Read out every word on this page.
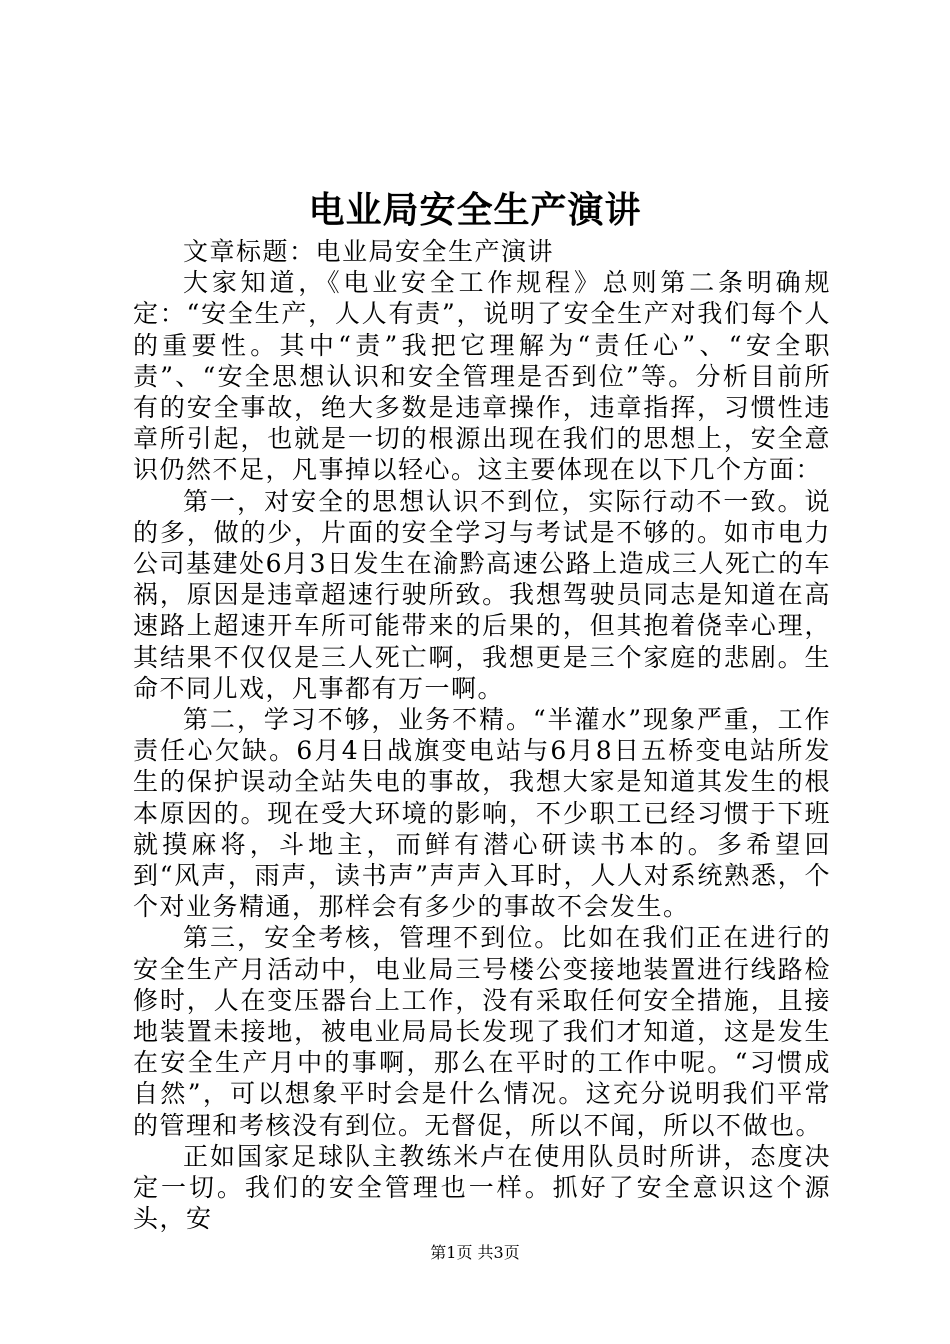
电业局安全生产演讲

文章标题：电业局安全生产演讲

大家知道，《电业安全工作规程》总则第二条明确规定：“安全生产，人人有责”，说明了安全生产对我们每个人的重要性。其中“责”我把它理解为“责任心”、“安全职责”、“安全思想认识和安全管理是否到位”等。分析目前所有的安全事故，绝大多数是违章操作，违章指挥，习惯性违章所引起，也就是一切的根源出现在我们的思想上，安全意识仍然不足，凡事掉以轻心。这主要体现在以下几个方面：

第一，对安全的思想认识不到位，实际行动不一致。说的多，做的少，片面的安全学习与考试是不够的。如市电力公司基建处6月3日发生在渝黔高速公路上造成三人死亡的车祸，原因是违章超速行驶所致。我想驾驶员同志是知道在高速路上超速开车所可能带来的后果的，但其抱着侥幸心理，其结果不仅仅是三人死亡啊，我想更是三个家庭的悲剧。生命不同儿戏，凡事都有万一啊。

第二，学习不够，业务不精。“半灌水”现象严重，工作责任心欠缺。6月4日战旗变电站与6月8日五桥变电站所发生的保护误动全站失电的事故，我想大家是知道其发生的根本原因的。现在受大环境的影响，不少职工已经习惯于下班就摸麻将，斗地主，而鲜有潜心研读书本的。多希望回到“风声，雨声，读书声”声声入耳时，人人对系统熟悉，个个对业务精通，那样会有多少的事故不会发生。

第三，安全考核，管理不到位。比如在我们正在进行的安全生产月活动中，电业局三号楼公变接地装置进行线路检修时，人在变压器台上工作，没有采取任何安全措施，且接地装置未接地，被电业局局长发现了我们才知道，这是发生在安全生产月中的事啊，那么在平时的工作中呢。“习惯成自然”，可以想象平时会是什么情况。这充分说明我们平常的管理和考核没有到位。无督促，所以不闻，所以不做也。

正如国家足球队主教练米卢在使用队员时所讲，态度决定一切。我们的安全管理也一样。抓好了安全意识这个源头，安

第1页 共3页
